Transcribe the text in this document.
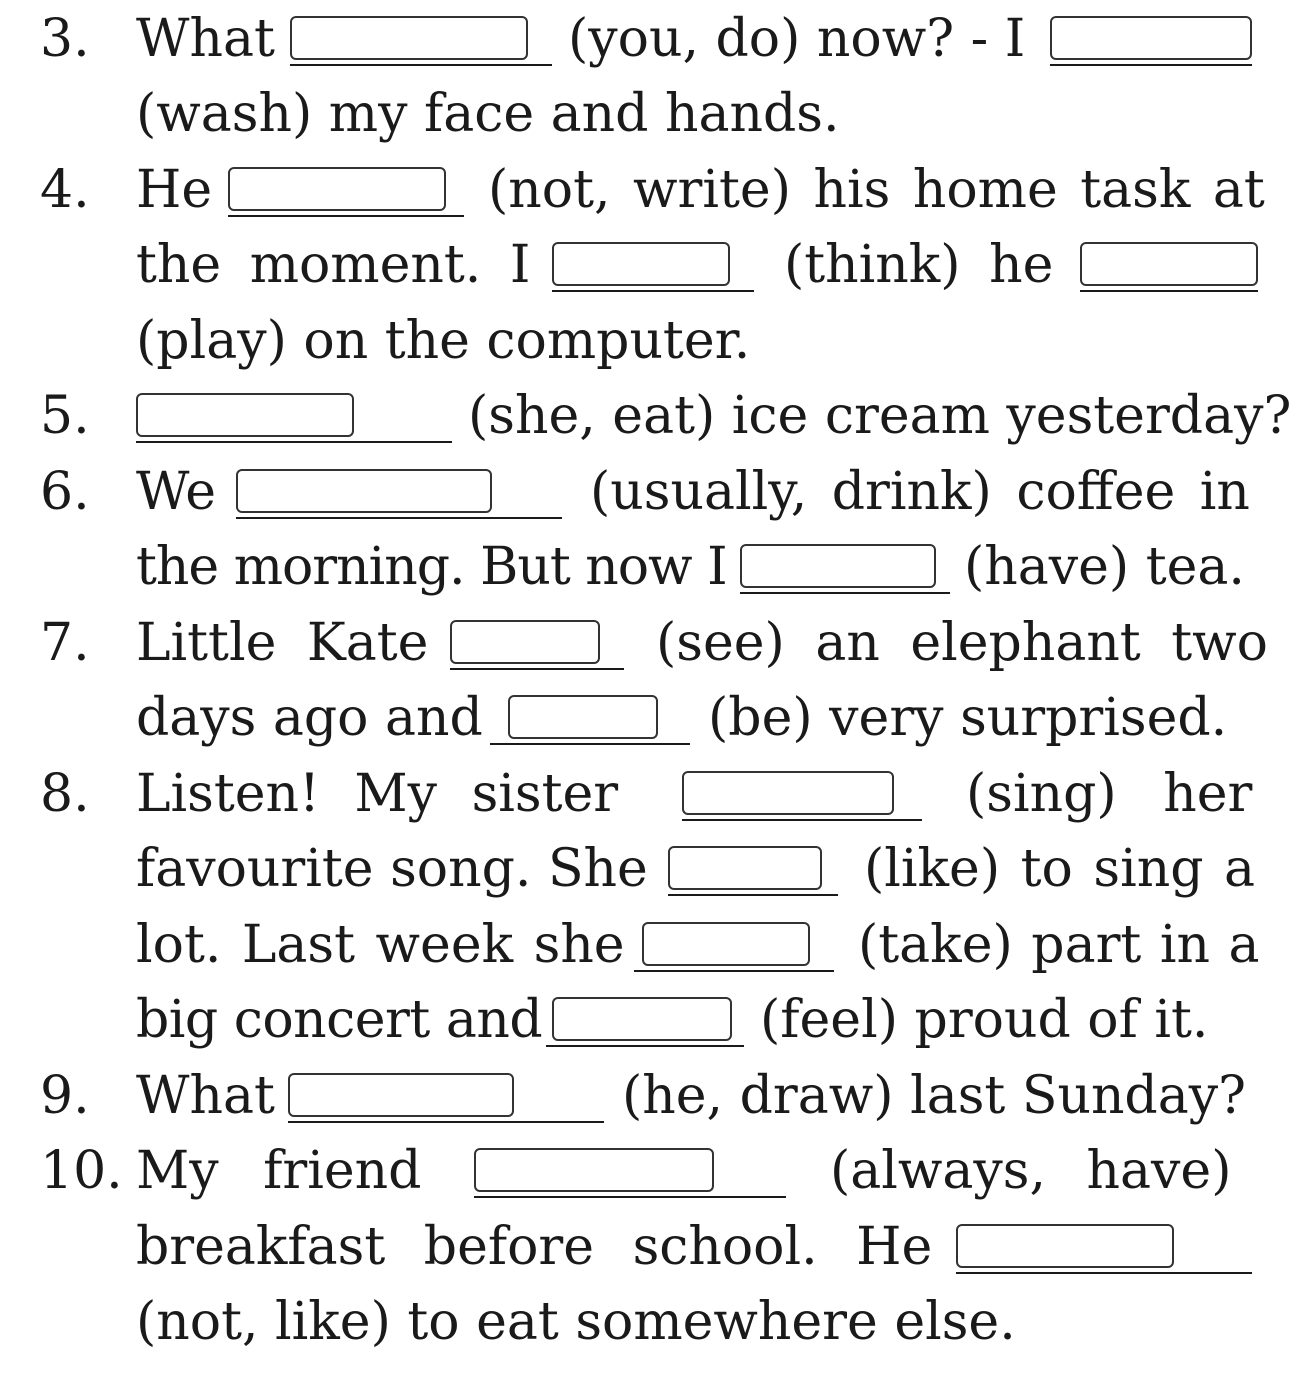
3. What	(you, do) now? - I
(wash) my face and hands.
4. He	(not, write) his home task at
the moment. I	(think) he
(play) on the computer.
5.	(she, eat) ice cream yesterday?
6. We	(usually, drink) coffee in
the morning. But now I	(have) tea.
7. Little Kate	(see) an elephant two
days ago and	(be) very surprised.
8. Listen! My sister	(sing) her
favourite song. She	(like) to sing a
lot. Last week she	(take) part in a
big concert and	(feel) proud of it.
9. What	(he, draw) last Sunday?
10. My friend	(always, have)
breakfast before school. He
(not, like) to eat somewhere else.
